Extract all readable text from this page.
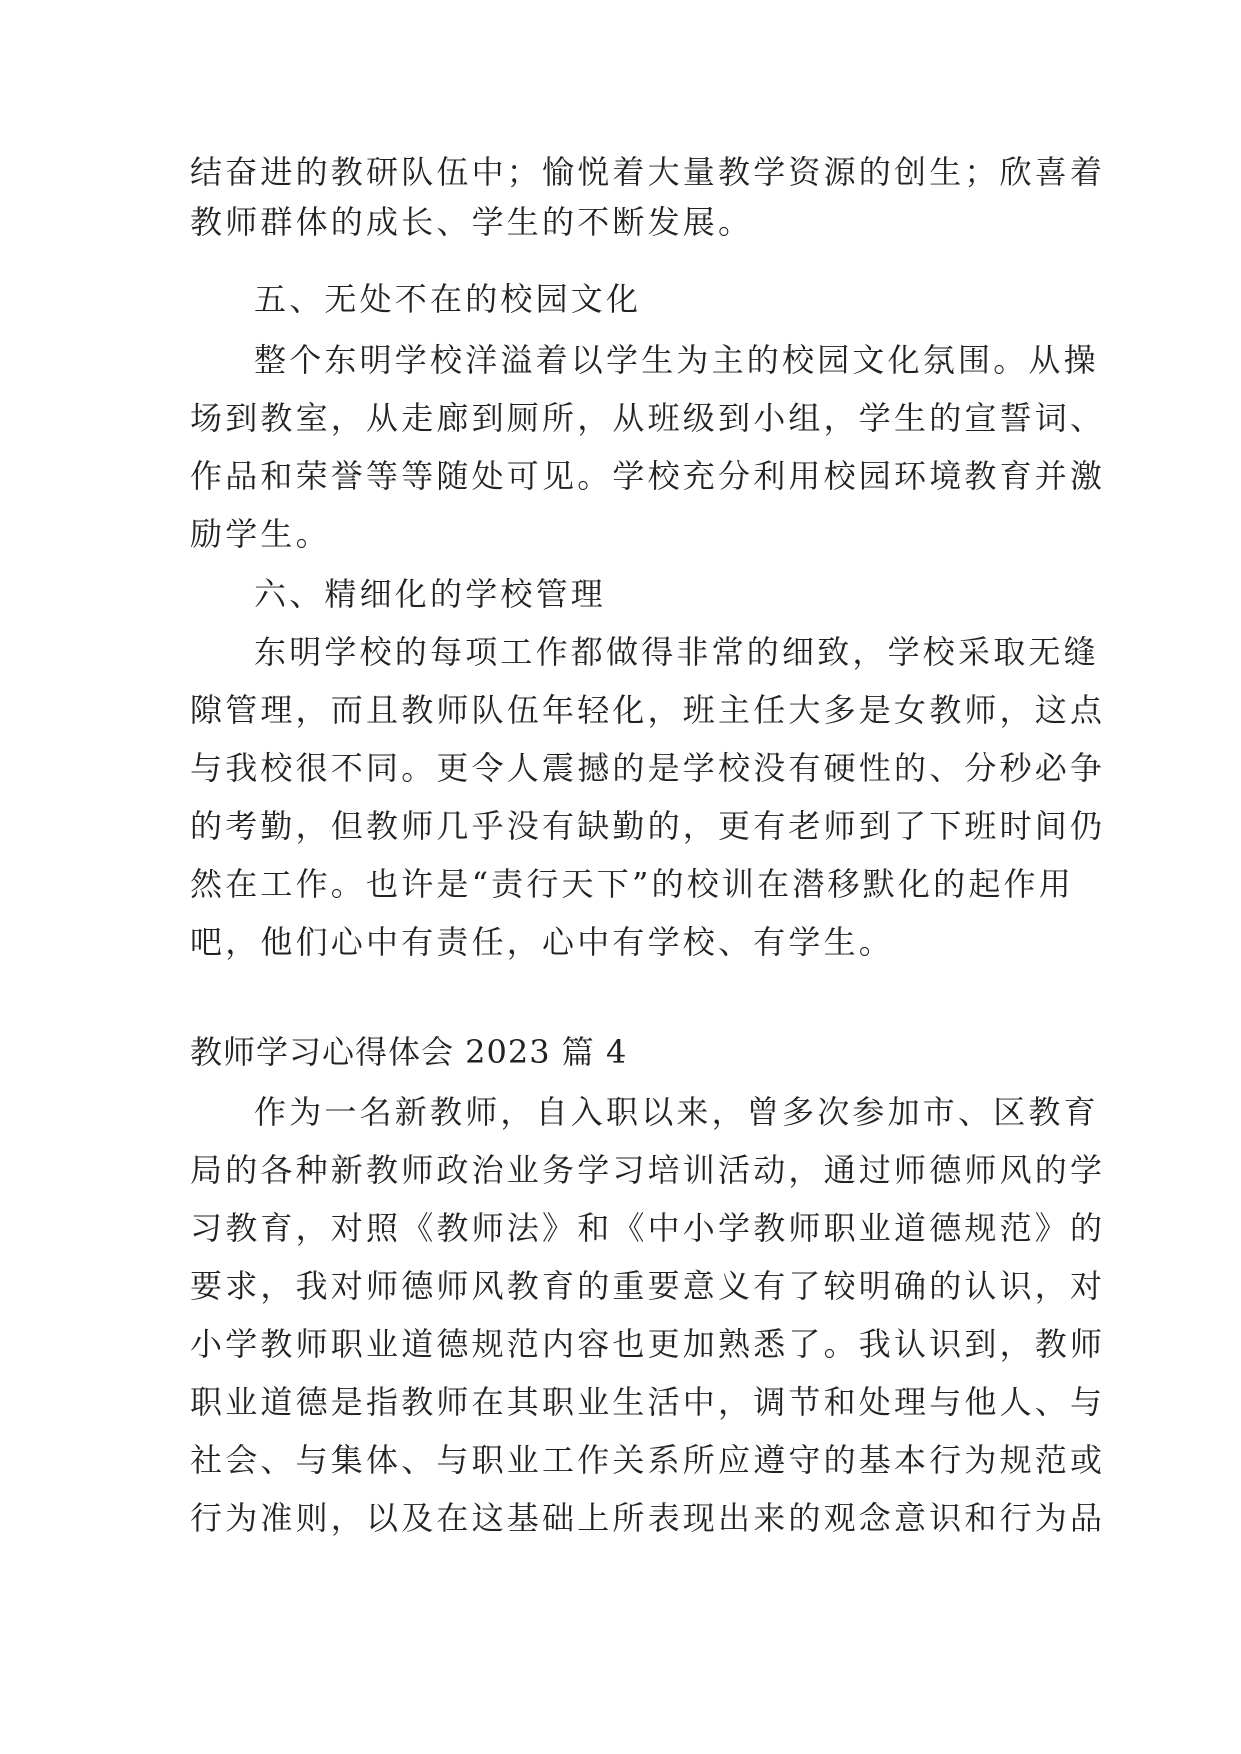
结奋进的教研队伍中；愉悦着大量教学资源的创生；欣喜着
教师群体的成长、学生的不断发展。
五、无处不在的校园文化
整个东明学校洋溢着以学生为主的校园文化氛围。从操
场到教室，从走廊到厕所，从班级到小组，学生的宣誓词、
作品和荣誉等等随处可见。学校充分利用校园环境教育并激
励学生。
六、精细化的学校管理
东明学校的每项工作都做得非常的细致，学校采取无缝
隙管理，而且教师队伍年轻化，班主任大多是女教师，这点
与我校很不同。更令人震撼的是学校没有硬性的、分秒必争
的考勤，但教师几乎没有缺勤的，更有老师到了下班时间仍
然在工作。也许是“责行天下”的校训在潜移默化的起作用
吧，他们心中有责任，心中有学校、有学生。
教师学习心得体会 2023 篇 4
作为一名新教师，自入职以来，曾多次参加市、区教育
局的各种新教师政治业务学习培训活动，通过师德师风的学
习教育，对照《教师法》和《中小学教师职业道德规范》的
要求，我对师德师风教育的重要意义有了较明确的认识，对
小学教师职业道德规范内容也更加熟悉了。我认识到，教师
职业道德是指教师在其职业生活中，调节和处理与他人、与
社会、与集体、与职业工作关系所应遵守的基本行为规范或
行为准则，以及在这基础上所表现出来的观念意识和行为品
